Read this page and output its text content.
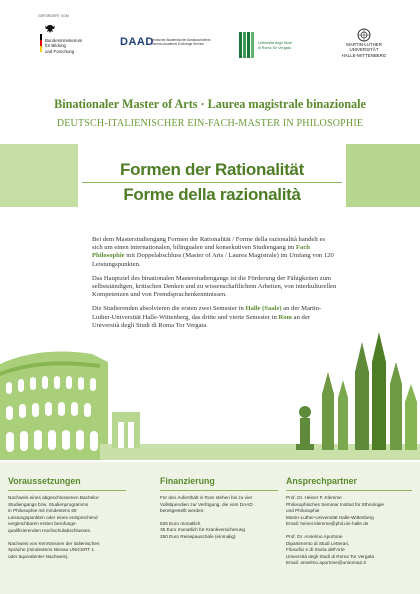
GEFÖRDERT VOM
Bundesministerium
für Bildung
und Forschung
DAAD
Deutscher Akademischer Austauschdienst
German Academic Exchange Service	Università degli Studi
di Roma Tor Vergata
MARTIN-LUTHER
UNIVERSITÄT
HALLE-WITTENBERG
Binationaler Master of Arts · Laurea magistrale binazionale
DEUTSCH-ITALIENISCHER EIN-FACH-MASTER IN PHILOSOPHIE
Formen der Rationalität
Forme della razionalità

Bei dem Masterstudiengang Formen der Rationalität / Forme della razionalità handelt es sich um einen internationalen, bilingualen und konsekutiven Studiengang im Fach Philosophie mit Doppelabschluss (Master of Arts / Laurea Magistrale) im Umfang von 120 Leistungspunkten.

Das Hauptziel des binationalen Masterstudiengangs ist die Förderung der Fähigkeiten zum selbstständigen, kritischen Denken und zu wissenschaftlichem Arbeiten, von interkulturellen Kompetenzen und von Fremdsprachenkenntnissen.

Die Studierenden absolvieren die ersten zwei Semester in Halle (Saale) an der Martin-Luther-Universität Halle-Wittenberg, das dritte und vierte Semester in Rom an der Università degli Studi di Roma Tor Vergata.

Voraussetzungen
Nachweis eines abgeschlossenen Bachelor-
Studiengangs bzw. Studienprogramms
in Philosophie mit mindestens 60
Leistungspunkten oder eines entsprechend
vergleichbaren ersten berufungs-
qualifizierenden Hochschulabschlusses.
Nachweis von Kenntnissen der italienischen
Sprache (mindestens Niveau UNICERT 1
oder äquivalenter Nachweis).
Finanzierung
Für den Aufenthalt in Rom stehen bis zu vier
Vollstipendien zur Verfügung, die vom DAAD
bereitgestellt werden:
825 Euro monatlich
35 Euro monatlich für Krankversicherung
250 Euro Reisepauschale (einmalig)
Ansprechpartner
Prof. Dr. Heiner F. Klemme
Philosophisches Seminar Institut für Ethnologie
und Philosophie
Martin-Luther-Universität Halle-Wittenberg
Email: heiner.klemme@phil.uni-halle.de
Prof. Dr. Anselmo Aportone
Dipartimento di Studi Letterari,
Filosofici e di Storia dell'Arte
Università degli Studi di Roma Tor Vergata
Email: anselmo.aportone@uniroma2.it
